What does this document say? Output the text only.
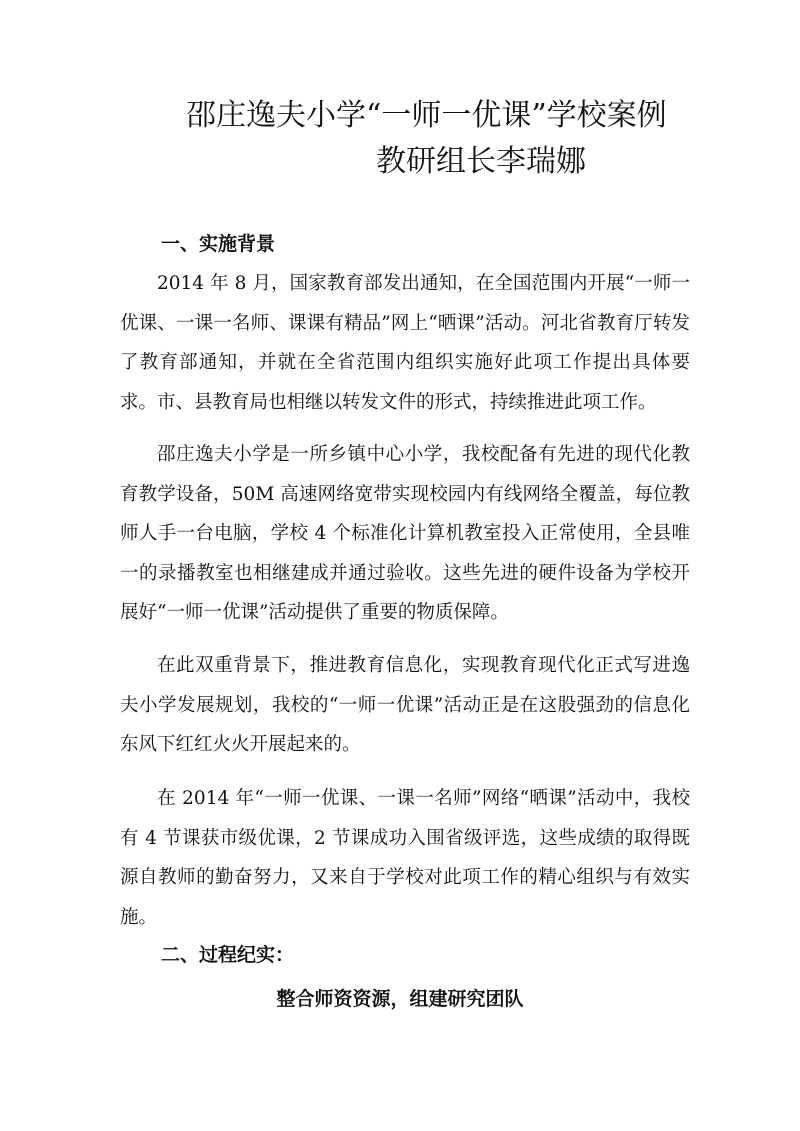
邵庄逸夫小学“一师一优课”学校案例
教研组长李瑞娜
一、实施背景

2014 年 8 月，国家教育部发出通知，在全国范围内开展“一师一优课、一课一名师、课课有精品”网上“晒课”活动。河北省教育厅转发了教育部通知，并就在全省范围内组织实施好此项工作提出具体要求。市、县教育局也相继以转发文件的形式，持续推进此项工作。

邵庄逸夫小学是一所乡镇中心小学，我校配备有先进的现代化教育教学设备，50M 高速网络宽带实现校园内有线网络全覆盖，每位教师人手一台电脑，学校 4 个标准化计算机教室投入正常使用，全县唯一的录播教室也相继建成并通过验收。这些先进的硬件设备为学校开展好“一师一优课”活动提供了重要的物质保障。

在此双重背景下，推进教育信息化，实现教育现代化正式写进逸夫小学发展规划，我校的“一师一优课”活动正是在这股强劲的信息化东风下红红火火开展起来的。

在 2014 年“一师一优课、一课一名师”网络“晒课”活动中，我校有 4 节课获市级优课，2 节课成功入围省级评选，这些成绩的取得既源自教师的勤奋努力，又来自于学校对此项工作的精心组织与有效实施。

二、过程纪实：
整合师资资源，组建研究团队
